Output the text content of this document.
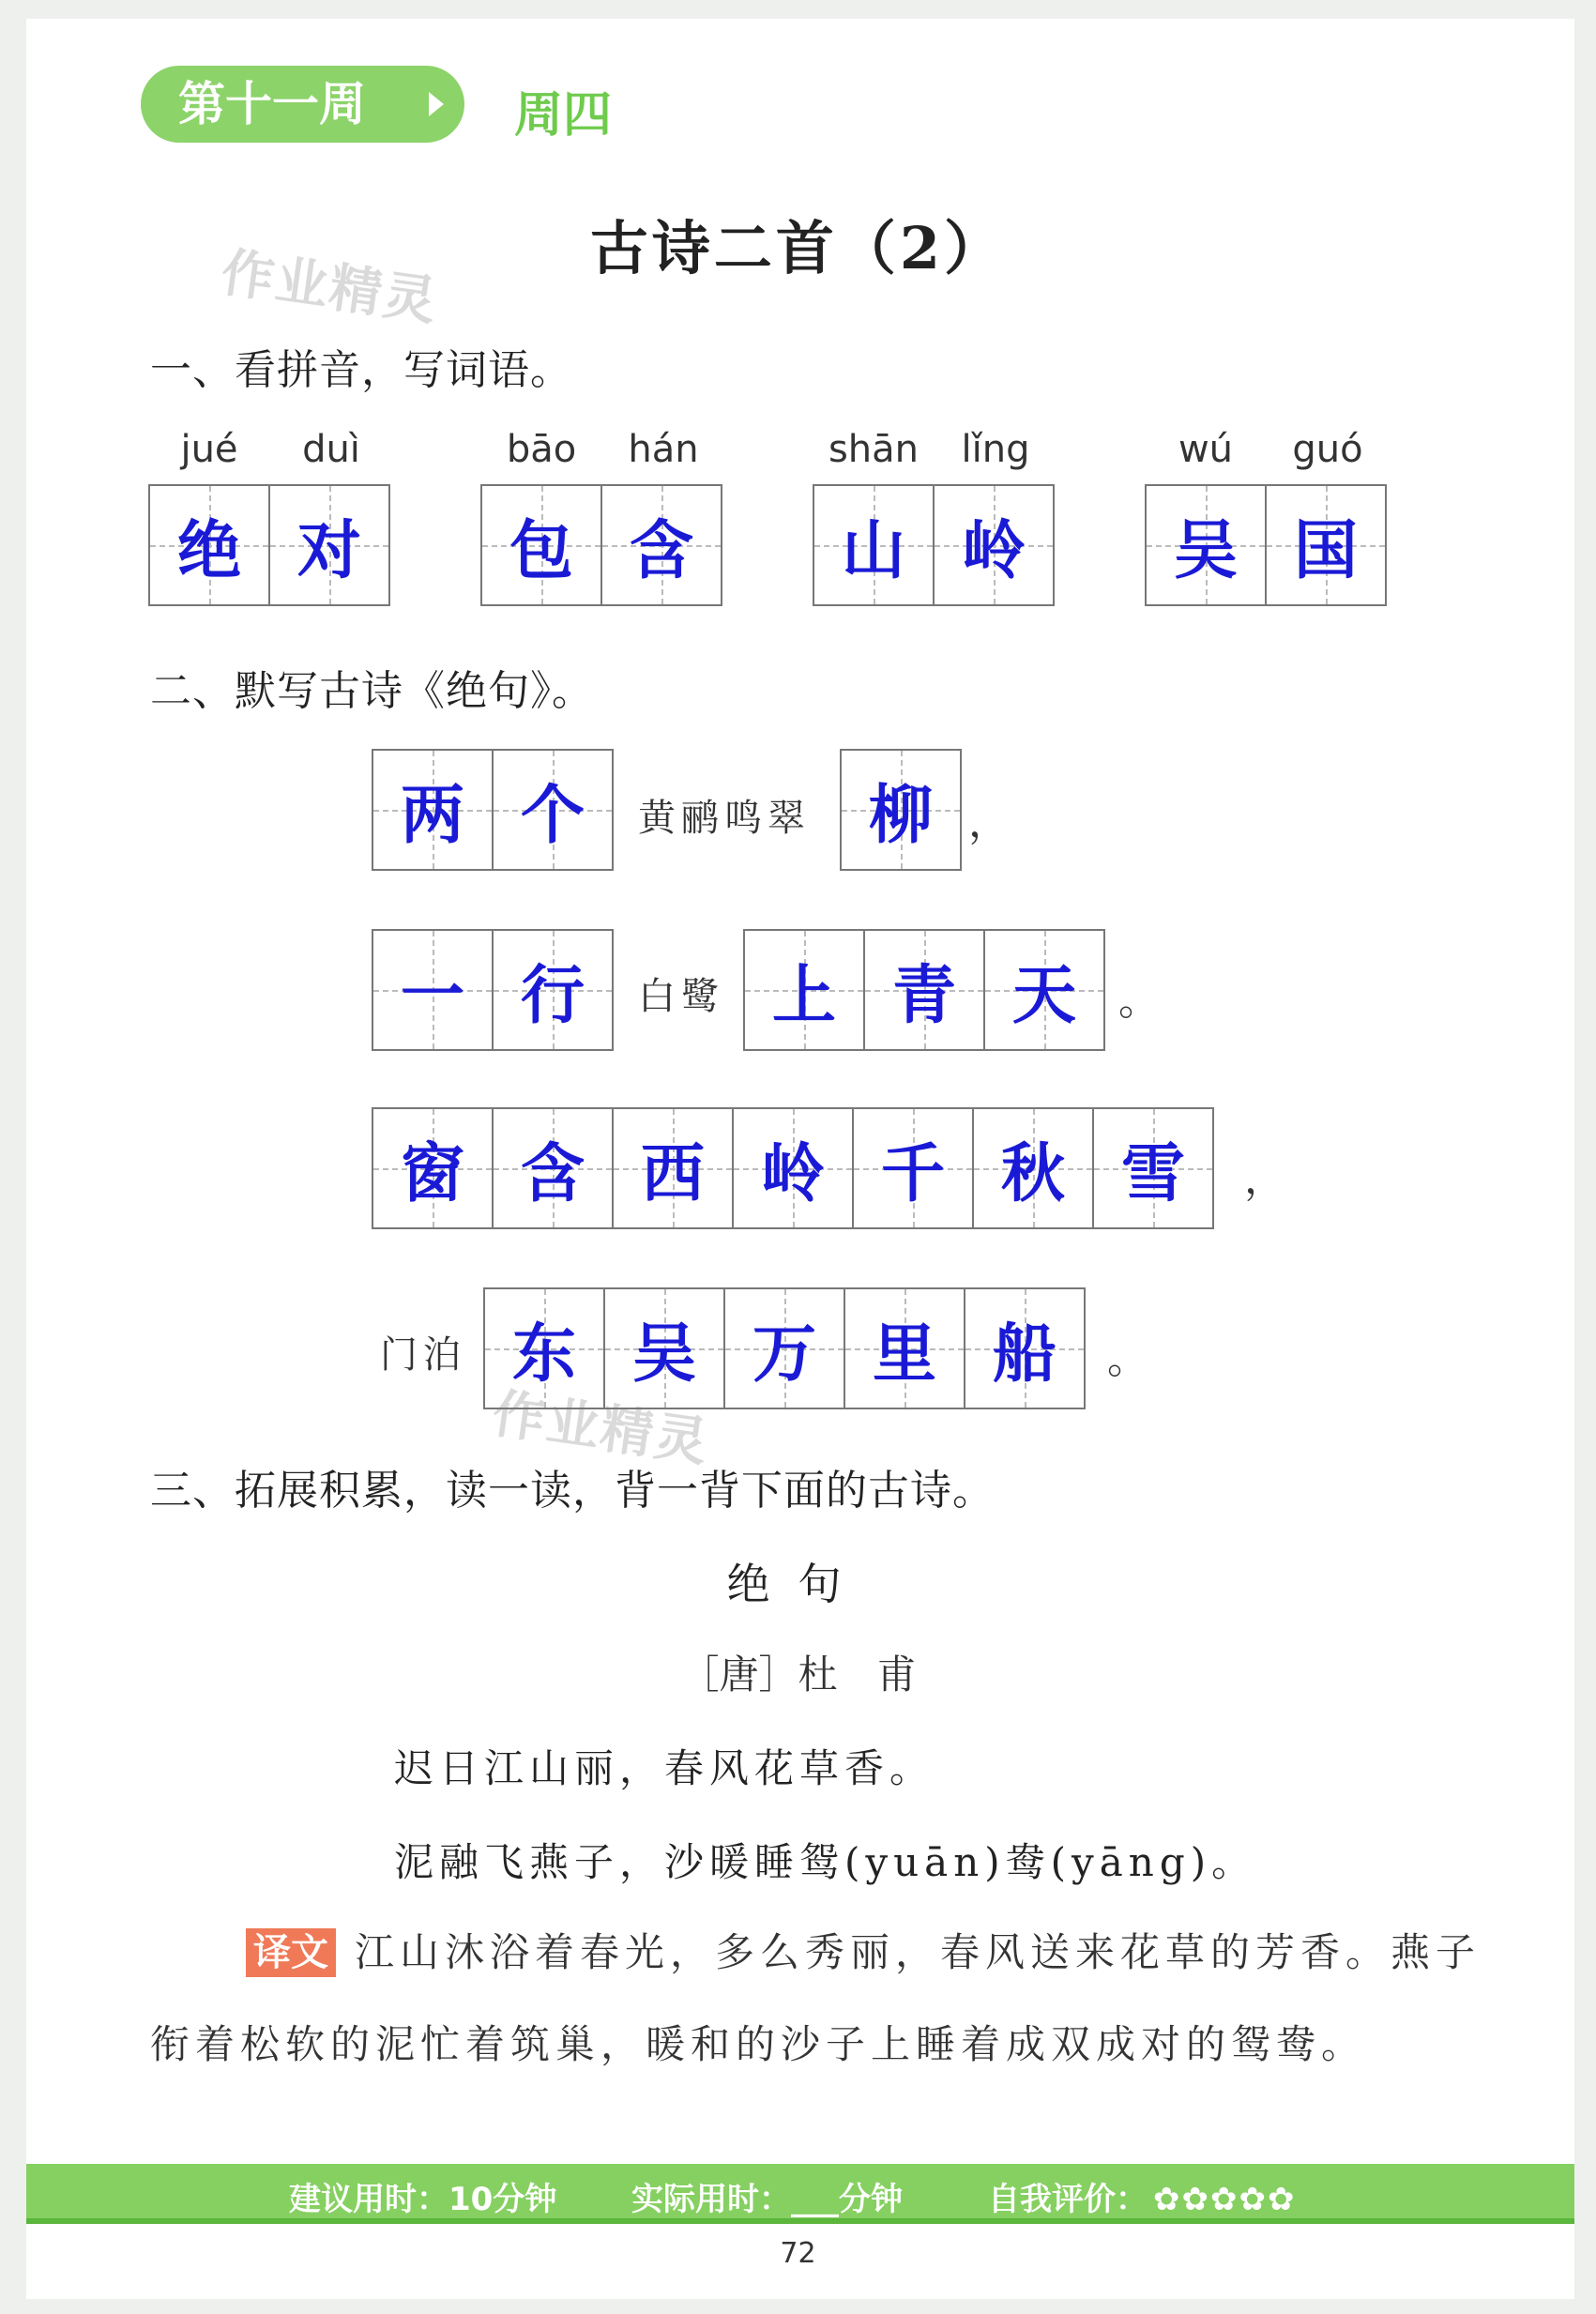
第十一周	周四
古诗二首（2）
作业精灵
作业精灵
一、看拼音，写词语。
jué	duì
绝 对
bāo	hán
包 含
shān	lǐng
山 岭
wú	guó
吴 国
二、默写古诗《绝句》。
两 个 黄鹂鸣翠 柳 ，
一 行 白鹭 上 青 天 。
窗 含 西 岭 千 秋 雪 ，
门泊 东 吴 万 里 船 。
三、拓展积累，读一读，背一背下面的古诗。
绝句
［唐］杜　甫
迟日江山丽，春风花草香。
泥融飞燕子，沙暖睡鸳(yuān)鸯(yāng)。
译文 江山沐浴着春光，多么秀丽，春风送来花草的芳香。燕子
衔着松软的泥忙着筑巢，暖和的沙子上睡着成双成对的鸳鸯。
建议用时：10分钟 实际用时：___分钟	自我评价： ✿✿✿✿✿
72
